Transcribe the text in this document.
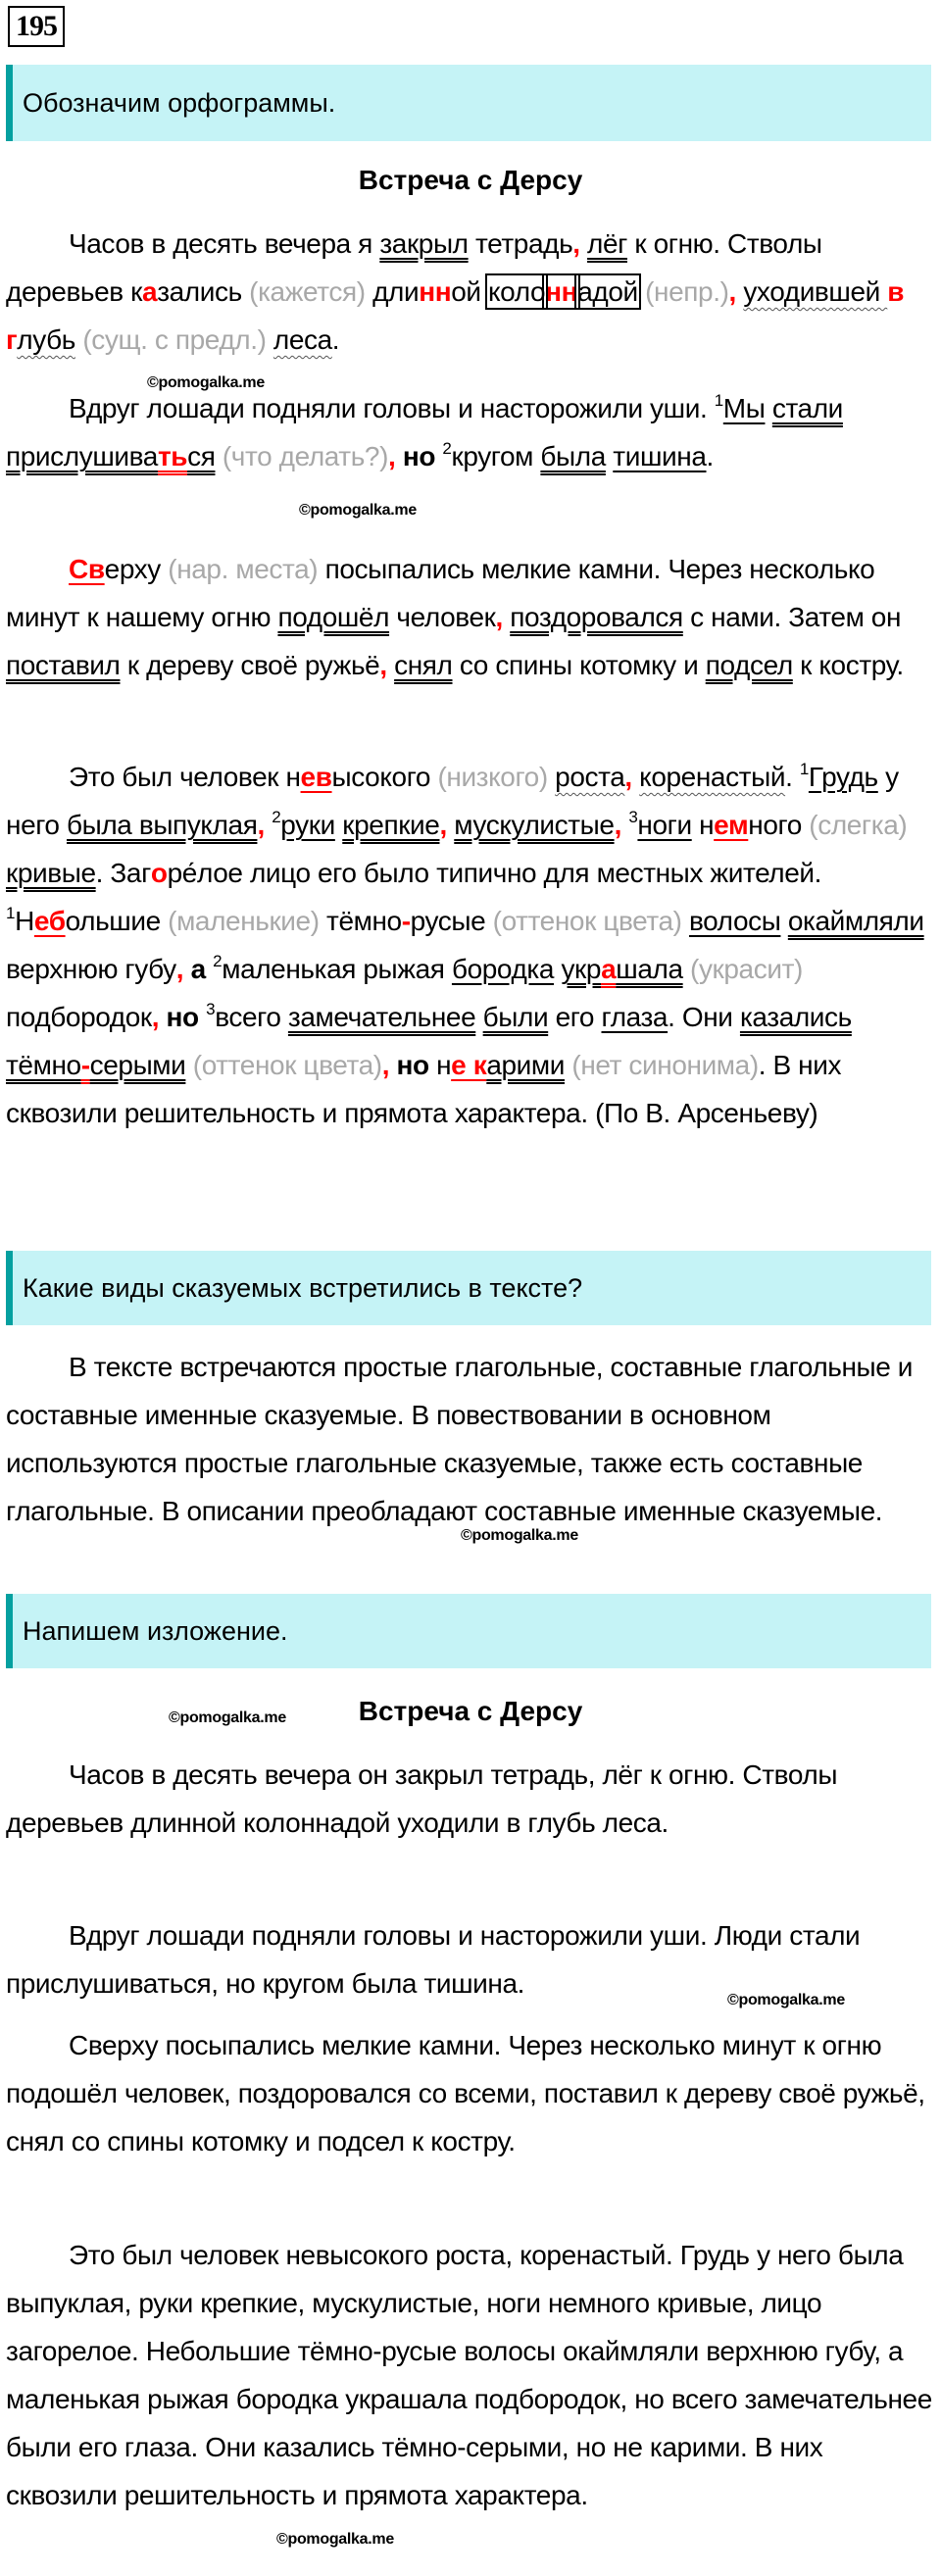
195
Обозначим орфограммы.
Встреча с Дерсу
Часов в десять вечера я закрыл тетрадь, лёг к огню. Стволы деревьев казались (кажется) длинной колоннадой (непр.), уходившей в глубь (сущ. с предл.) леса.
©pomogalka.me
Вдруг лошади подняли головы и насторожили уши. $^1$Мы стали прислушиваться (что делать?), но $^2$кругом была тишина.
©pomogalka.me
Сверху (нар. места) посыпались мелкие камни. Через несколько минут к нашему огню подошёл человек, поздоровался с нами. Затем он поставил к дереву своё ружьё, снял со спины котомку и подсел к костру.
Это был человек невысокого (низкого) роста, коренастый. $^1$Грудь у него была выпуклая, $^2$руки крепкие, мускулистые, $^3$ноги немного (слегка) кривые. Загоре́лое лицо его было типично для местных жителей. $^1$Небольшие (маленькие) тёмно-русые (оттенок цвета) волосы окаймляли верхнюю губу, а $^2$маленькая рыжая бородка украшала (украсит) подбородок, но $^3$всего замечательнее были его глаза. Они казались тёмно-серыми (оттенок цвета), но не карими (нет синонима). В них сквозили решительность и прямота характера. (По В. Арсеньеву)
Какие виды сказуемых встретились в тексте?
В тексте встречаются простые глагольные, составные глагольные и составные именные сказуемые. В повествовании в основном используются простые глагольные сказуемые, также есть составные глагольные. В описании преобладают составные именные сказуемые.
©pomogalka.me
Напишем изложение.
©pomogalka.me	Встреча с Дерсу
Часов в десять вечера он закрыл тетрадь, лёг к огню. Стволы деревьев длинной колоннадой уходили в глубь леса.
Вдруг лошади подняли головы и насторожили уши. Люди стали прислушиваться, но кругом была тишина.
©pomogalka.me
Сверху посыпались мелкие камни. Через несколько минут к огню подошёл человек, поздоровался со всеми, поставил к дереву своё ружьё, снял со спины котомку и подсел к костру.
Это был человек невысокого роста, коренастый. Грудь у него была выпуклая, руки крепкие, мускулистые, ноги немного кривые, лицо загорелое. Небольшие тёмно-русые волосы окаймляли верхнюю губу, а маленькая рыжая бородка украшала подбородок, но всего замечательнее были его глаза. Они казались тёмно-серыми, но не карими. В них сквозили решительность и прямота характера.
©pomogalka.me
